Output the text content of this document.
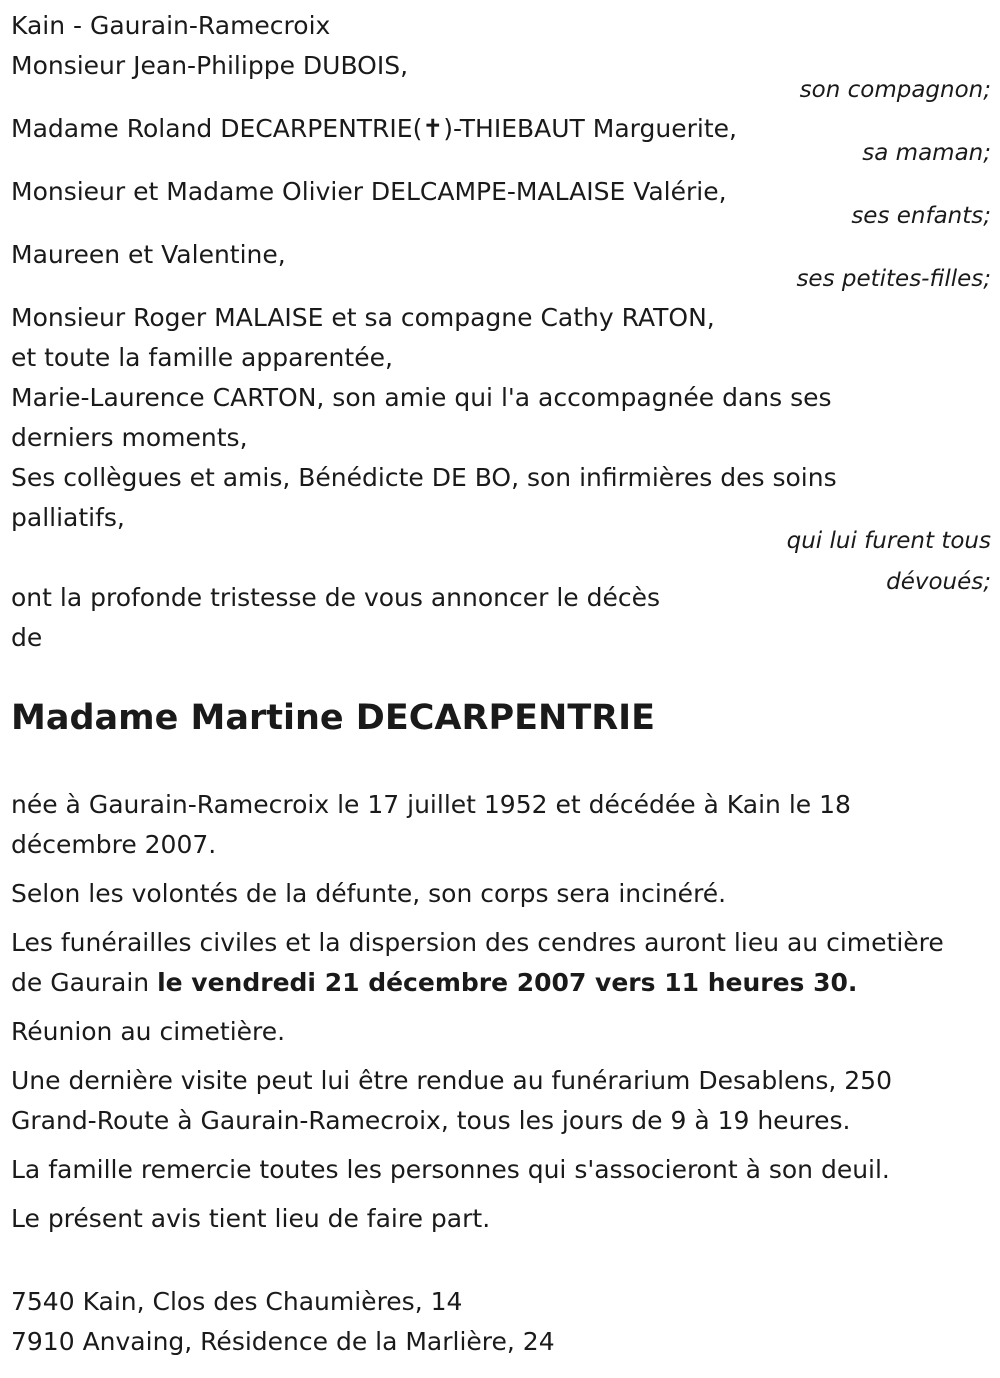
Kain - Gaurain-Ramecroix
Monsieur Jean-Philippe DUBOIS,
son compagnon;
Madame Roland DECARPENTRIE(✝)-THIEBAUT Marguerite,
sa maman;
Monsieur et Madame Olivier DELCAMPE-MALAISE Valérie,
ses enfants;
Maureen et Valentine,
ses petites-filles;
Monsieur Roger MALAISE et sa compagne Cathy RATON,
et toute la famille apparentée,
Marie-Laurence CARTON, son amie qui l'a accompagnée dans ses
derniers moments,
Ses collègues et amis, Bénédicte DE BO, son infirmières des soins
palliatifs,
qui lui furent tous
dévoués;
ont la profonde tristesse de vous annoncer le décès
de
Madame Martine DECARPENTRIE
née à Gaurain-Ramecroix le 17 juillet 1952 et décédée à Kain le 18 décembre 2007.
Selon les volontés de la défunte, son corps sera incinéré.
Les funérailles civiles et la dispersion des cendres auront lieu au cimetière de Gaurain le vendredi 21 décembre 2007 vers 11 heures 30.
Réunion au cimetière.
Une dernière visite peut lui être rendue au funérarium Desablens, 250 Grand-Route à Gaurain-Ramecroix, tous les jours de 9 à 19 heures.
La famille remercie toutes les personnes qui s'associeront à son deuil.
Le présent avis tient lieu de faire part.
7540 Kain, Clos des Chaumières, 14
7910 Anvaing, Résidence de la Marlière, 24
